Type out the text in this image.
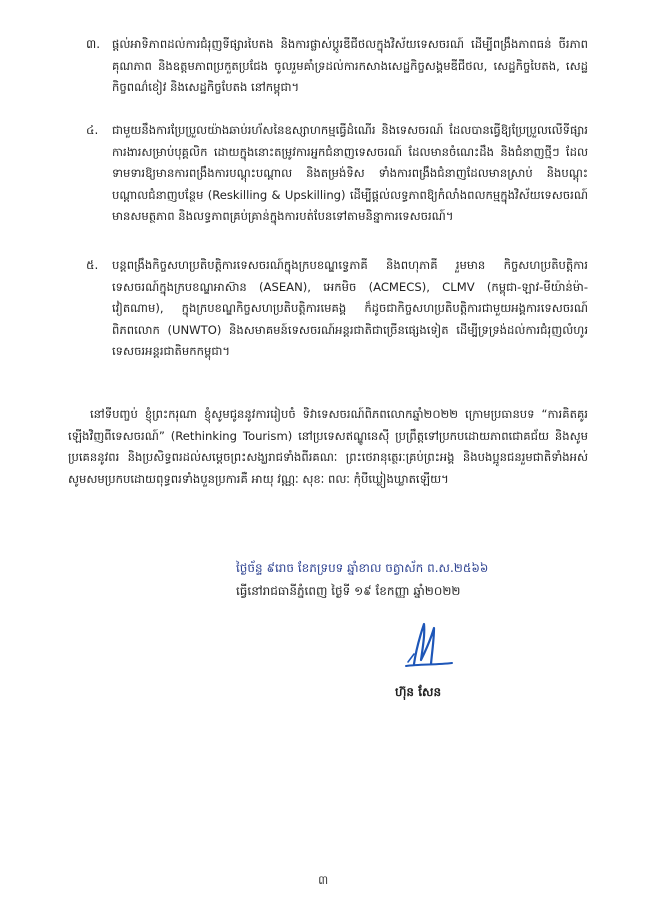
៣.	ផ្ដល់អាទិភាពដល់ការជំរុញទីផ្សារបៃតង និងការផ្លាស់ប្ដូរឌីជីថលក្នុងវិស័យទេសចរណ៍ ដើម្បីពង្រឹងភាពធន់ ចីរភាព គុណភាព និងឧត្ដមភាពប្រកួតប្រជែង ចូលរួមគាំទ្រដល់ការកសាងសេដ្ឋកិច្ចសង្គមឌីជីថល, សេដ្ឋកិច្ចបៃតង, សេដ្ឋកិច្ចពណ៌ខៀវ និងសេដ្ឋកិច្ចបែតង នៅកម្ពុជា។
៤.	ជាមួយនឹងការប្រែប្រួលយ៉ាងឆាប់រហ័សនៃឧស្សាហកម្មធ្វើដំណើរ និងទេសចរណ៍ ដែលបានធ្វើឱ្យប្រែប្រួលលើទីផ្សារការងារសម្រាប់បុគ្គលិក ដោយក្នុងនោះតម្រូវការអ្នកជំនាញទេសចរណ៍ ដែលមានចំណេះដឹង និងជំនាញថ្មីៗ ដែលទាមទារឱ្យមានការពង្រឹងការបណ្ដុះបណ្ដាល និងតម្រង់ទិស ទាំងការពង្រឹងជំនាញដែលមានស្រាប់ និងបណ្ដុះបណ្ដាលជំនាញបន្ថែម (Reskilling & Upskilling) ដើម្បីផ្ដល់លទ្ធភាពឱ្យកំលាំងពលកម្មក្នុងវិស័យទេសចរណ៍មានសមត្ថភាព និងលទ្ធភាពគ្រប់គ្រាន់ក្នុងការបត់បែនទៅតាមនិន្នាការទេសចរណ៍។
៥.	បន្តពង្រឹងកិច្ចសហប្រតិបត្តិការទេសចរណ៍ក្នុងក្របខណ្ឌទ្វេភាគី និងពហុភាគី រួមមាន កិច្ចសហប្រតិបត្តិការទេសចរណ៍ក្នុងក្របខណ្ឌអាស៊ាន (ASEAN), អេកមិច (ACMECS), CLMV (កម្ពុជា-ឡាវ-មីយ៉ាន់ម៉ា-វៀតណាម), ក្នុងក្របខណ្ឌកិច្ចសហប្រតិបត្តិការមេគង្គ ក៏ដូចជាកិច្ចសហប្រតិបត្តិការជាមួយអង្គការទេសចរណ៍ពិភពលោក (UNWTO) និងសមាគមន៍ទេសចរណ៍អន្តរជាតិជាច្រើនផ្សេងទៀត ដើម្បីទ្រទ្រង់ដល់ការជំរុញលំហូរទេសចរអន្តរជាតិមកកម្ពុជា។
នៅទីបញ្ចប់ ខ្ញុំព្រះករុណា ខ្ញុំសូមជូននូវការរៀបចំ ទិវាទេសចរណ៍ពិភពលោកឆ្នាំ២០២២ ក្រោមប្រធានបទ “ការគិតគូរឡើងវិញពីទេសចរណ៍” (Rethinking Tourism) នៅប្រទេសឥណ្ឌូនេស៊ី ប្រព្រឹត្តទៅប្រកបដោយភាពជោគជ័យ និងសូមប្រគេននូវពរ និងប្រសិទ្ធពរដល់សម្ដេចព្រះសង្ឃរាជទាំងពីរគណៈ ព្រះថេរានុត្ថេរៈគ្រប់ព្រះអង្គ និងបងប្អូនជនរួមជាតិទាំងអស់ សូមសមប្រកបដោយពុទ្ធពរទាំងបួនប្រការគឺ អាយុ វណ្ណៈ សុខៈ ពលៈ កុំបីឃ្លៀងឃ្លាតឡើយ។
ថ្ងៃច័ន្ទ ៩រោច ខែភទ្របទ ឆ្នាំខាល ចត្វាស័ក ព.ស.២៥៦៦
ធ្វើនៅរាជធានីភ្នំពេញ ថ្ងៃទី ១៩ ខែកញ្ញា ឆ្នាំ២០២២
ហ៊ុន សែន
៣
